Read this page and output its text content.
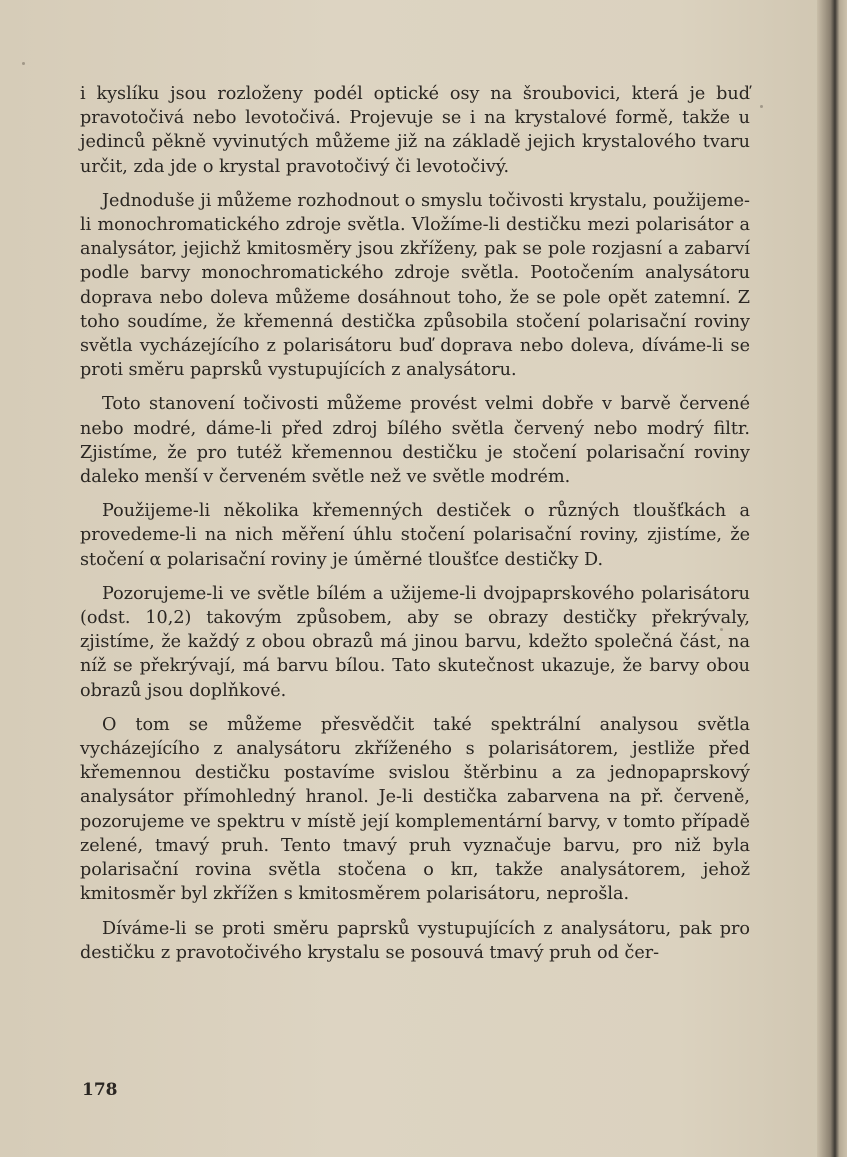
i kyslíku jsou rozloženy podél optické osy na šroubovici, která je buď pravotočivá nebo levotočivá. Projevuje se i na krystalové formě, takže u jedinců pěkně vyvinutých můžeme již na základě jejich krystalového tvaru určit, zda jde o krystal pravotočivý či levotočivý.

Jednoduše ji můžeme rozhodnout o smyslu točivosti krystalu, použijeme-li monochromatického zdroje světla. Vložíme-li destičku mezi polarisátor a analysátor, jejichž kmitosměry jsou zkříženy, pak se pole rozjasní a zabarví podle barvy monochromatického zdroje světla. Pootočením analysátoru doprava nebo doleva můžeme dosáhnout toho, že se pole opět zatemní. Z toho soudíme, že křemenná destička způsobila stočení polarisační roviny světla vycházejícího z polarisátoru buď doprava nebo doleva, díváme-li se proti směru paprsků vystupujících z analysátoru.

Toto stanovení točivosti můžeme provést velmi dobře v barvě červené nebo modré, dáme-li před zdroj bílého světla červený nebo modrý filtr. Zjistíme, že pro tutéž křemennou destičku je stočení polarisační roviny daleko menší v červeném světle než ve světle modrém.

Použijeme-li několika křemenných destiček o různých tloušťkách a provedeme-li na nich měření úhlu stočení polarisační roviny, zjistíme, že stočení α polarisační roviny je úměrné tloušťce destičky D.

Pozorujeme-li ve světle bílém a užijeme-li dvojpaprskového polarisátoru (odst. 10,2) takovým způsobem, aby se obrazy destičky překrývaly, zjistíme, že každý z obou obrazů má jinou barvu, kdežto společná část, na níž se překrývají, má barvu bílou. Tato skutečnost ukazuje, že barvy obou obrazů jsou doplňkové.

O tom se můžeme přesvědčit také spektrální analysou světla vycházejícího z analysátoru zkříženého s polarisátorem, jestliže před křemennou destičku postavíme svislou štěrbinu a za jednopaprskový analysátor přímohledný hranol. Je-li destička zabarvena na př. červeně, pozorujeme ve spektru v místě její komplementární barvy, v tomto případě zelené, tmavý pruh. Tento tmavý pruh vyznačuje barvu, pro niž byla polarisační rovina světla stočena o kπ, takže analysátorem, jehož kmitosměr byl zkřížen s kmitosměrem polarisátoru, neprošla.

Díváme-li se proti směru paprsků vystupujících z analysátoru, pak pro destičku z pravotočivého krystalu se posouvá tmavý pruh od čer-

178
